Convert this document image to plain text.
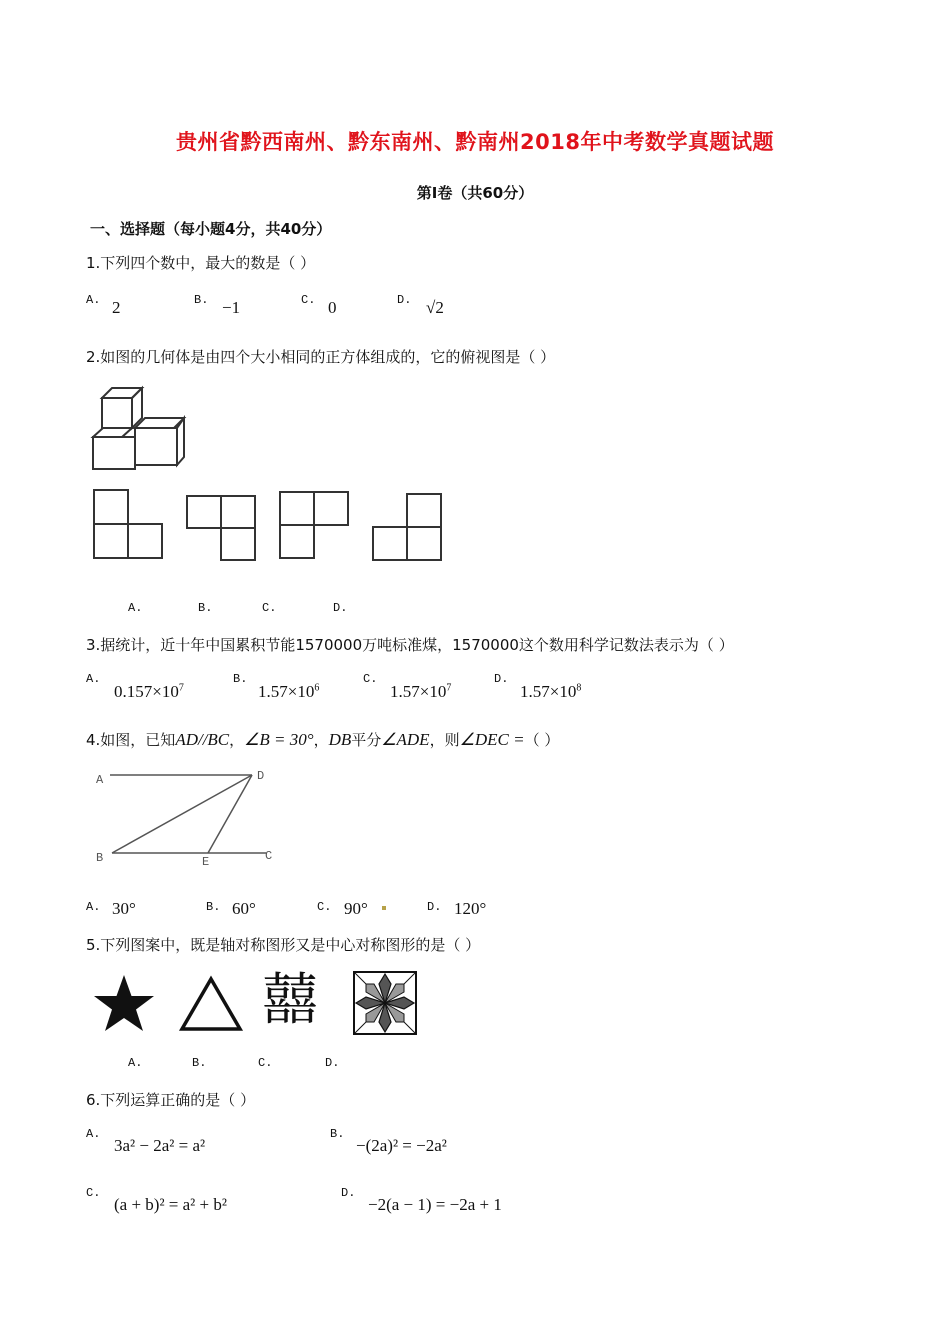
贵州省黔西南州、黔东南州、黔南州2018年中考数学真题试题
第Ⅰ卷（共60分）
一、选择题（每小题4分，共40分）
1.下列四个数中，最大的数是（ ）
A. 2	B. −1	C. 0	D. √2
2.如图的几何体是由四个大小相同的正方体组成的，它的俯视图是（ ）
A.	B.	C.	D.
3.据统计，近十年中国累积节能1570000万吨标准煤，1570000这个数用科学记数法表示为（ ）
A.
$0.157\times 10^7$
B.
$1.57\times 10^6$
C.
$1.57\times 10^7$
D.
$1.57\times 10^8$
4.如图，已知AD//BC，∠B = 30°，DB平分∠ADE，则∠DEC =（ ）
A	D
B	E	C
A. 30°	B. 60°	C. 90°	D. 120°
5.下列图案中，既是轴对称图形又是中心对称图形的是（ ）
囍
A.	B.	C.	D.
6.下列运算正确的是（ ）
A.
3a² − 2a² = a²
B.
−(2a)² = −2a²
C.
(a + b)² = a² + b²
D.
−2(a − 1) = −2a + 1
